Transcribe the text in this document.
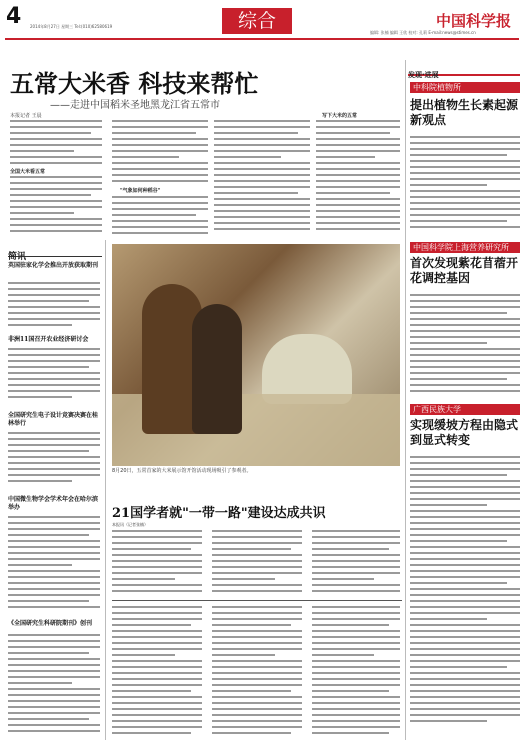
4 2014年8月27日 星期三 Tel:(010)62580619	综合	中国科学报
编辑: 张楠 编辑 王欣 校对: 孔莉 E-mail:news@stimes.cn
五常大米香 科技来帮忙
——走进中国稻米圣地黑龙江省五常市
本报记者 王晨
全国大米看五常
"气象如何种稻谷"
写下大米的五常
简讯
英国驻家化学会推出开放获取期刊
非洲11国召开农业经济研讨会
全国研究生电子设计竞赛决赛在桂林举行
中国微生物学会学术年会在哈尔滨举办
《全国研究生科研院期刊》创刊
8月20日，五常首家的大米展示馆开馆活动现场吸引了参观者。
发现·进展
中科院植物所
提出植物生长素起源新观点
中国科学院上海营养研究所
首次发现紫花苜蓿开花调控基因
广西民族大学
实现缓坡方程由隐式到显式转变
21国学者就"一带一路"建设达成共识
本报讯（记者张楠）
